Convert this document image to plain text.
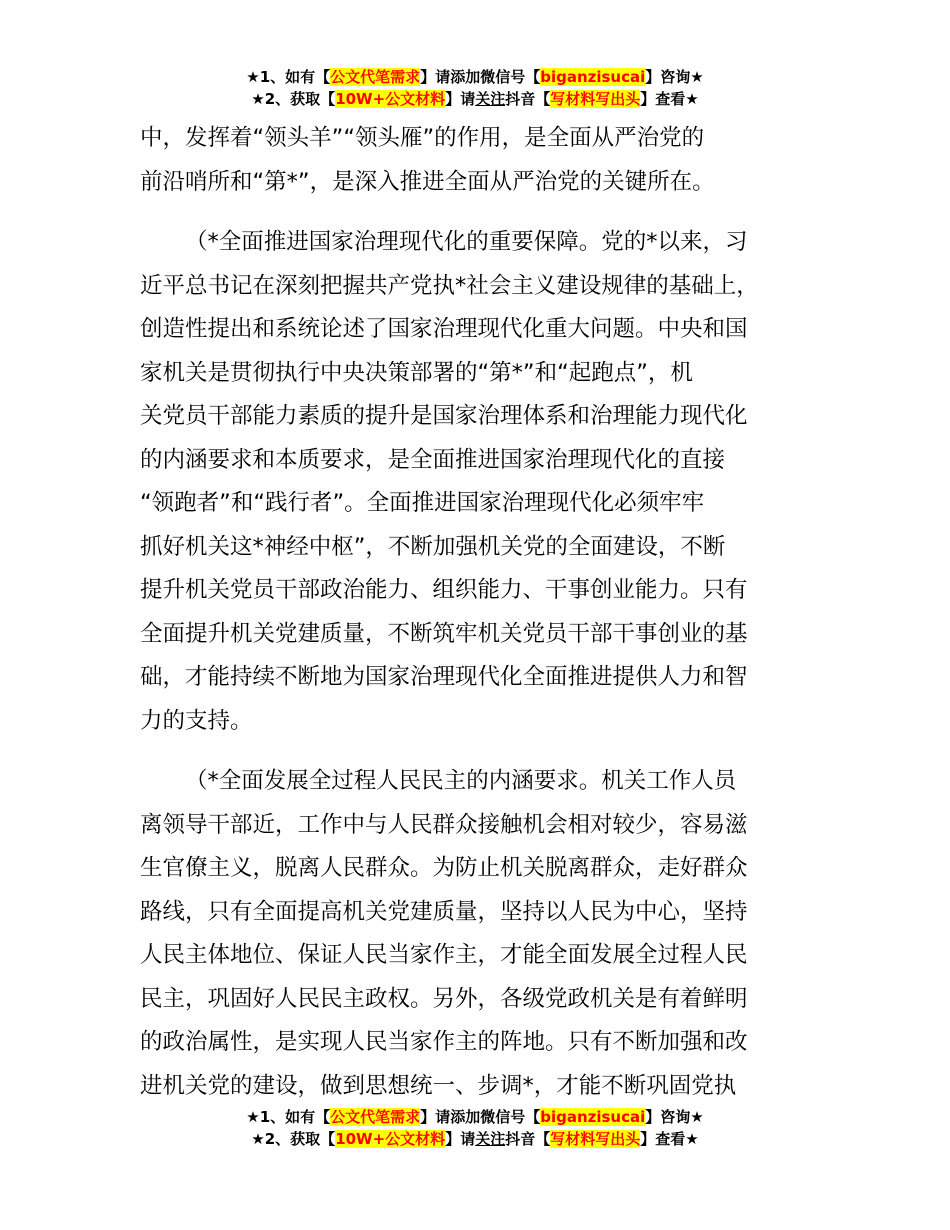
★1、如有【公文代笔需求】请添加微信号【biganzisucai】咨询★
★2、获取【10W+公文材料】请关注抖音【写材料写出头】查看★
中，发挥着“领头羊”“领头雁”的作用，是全面从严治党的
前沿哨所和“第*”，是深入推进全面从严治党的关键所在。
（*全面推进国家治理现代化的重要保障。党的*以来，习
近平总书记在深刻把握共产党执*社会主义建设规律的基础上，
创造性提出和系统论述了国家治理现代化重大问题。中央和国
家机关是贯彻执行中央决策部署的“第*”和“起跑点”，机
关党员干部能力素质的提升是国家治理体系和治理能力现代化
的内涵要求和本质要求，是全面推进国家治理现代化的直接
“领跑者”和“践行者”。全面推进国家治理现代化必须牢牢
抓好机关这*神经中枢”，不断加强机关党的全面建设，不断
提升机关党员干部政治能力、组织能力、干事创业能力。只有
全面提升机关党建质量，不断筑牢机关党员干部干事创业的基
础，才能持续不断地为国家治理现代化全面推进提供人力和智
力的支持。
（*全面发展全过程人民民主的内涵要求。机关工作人员
离领导干部近，工作中与人民群众接触机会相对较少，容易滋
生官僚主义，脱离人民群众。为防止机关脱离群众，走好群众
路线，只有全面提高机关党建质量，坚持以人民为中心，坚持
人民主体地位、保证人民当家作主，才能全面发展全过程人民
民主，巩固好人民民主政权。另外，各级党政机关是有着鲜明
的政治属性，是实现人民当家作主的阵地。只有不断加强和改
进机关党的建设，做到思想统一、步调*，才能不断巩固党执
★1、如有【公文代笔需求】请添加微信号【biganzisucai】咨询★
★2、获取【10W+公文材料】请关注抖音【写材料写出头】查看★
